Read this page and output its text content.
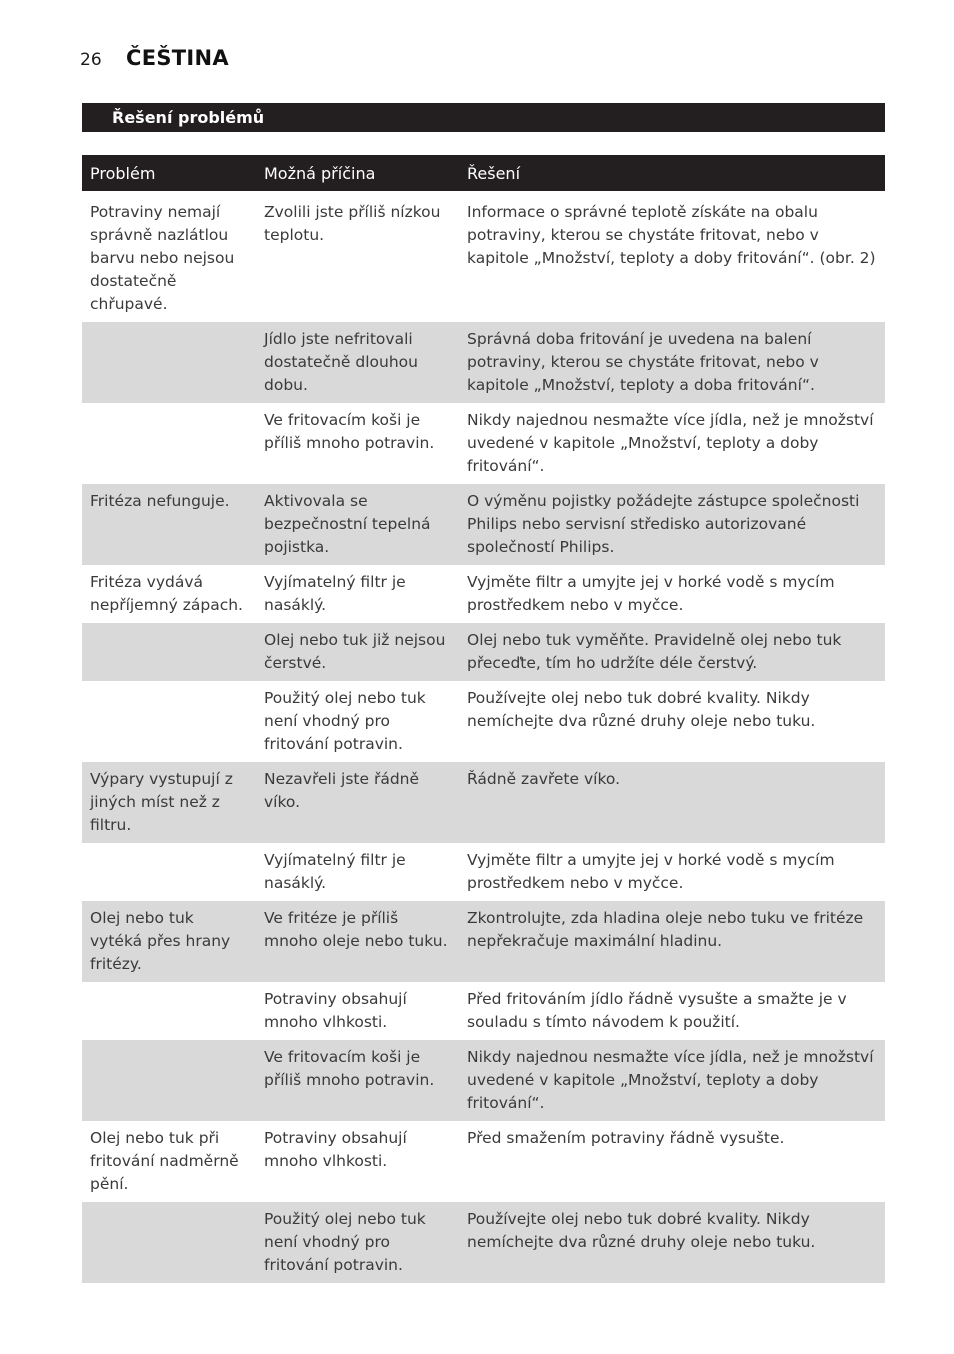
26 ČEŠTINA
Řešení problémů
Problém	Možná příčina	Řešení
Potraviny nemají správně nazlátlou barvu nebo nejsou dostatečně chřupavé.	Zvolili jste příliš nízkou teplotu.	Informace o správné teplotě získáte na obalu potraviny, kterou se chystáte fritovat, nebo v kapitole „Množství, teploty a doby fritování“. (obr. 2)
	Jídlo jste nefritovali dostatečně dlouhou dobu.	Správná doba fritování je uvedena na balení potraviny, kterou se chystáte fritovat, nebo v kapitole „Množství, teploty a doba fritování“.
	Ve fritovacím koši je příliš mnoho potravin.	Nikdy najednou nesmažte více jídla, než je množství uvedené v kapitole „Množství, teploty a doby fritování“.
Fritéza nefunguje.	Aktivovala se bezpečnostní tepelná pojistka.	O výměnu pojistky požádejte zástupce společnosti Philips nebo servisní středisko autorizované společností Philips.
Fritéza vydává nepříjemný zápach.	Vyjímatelný filtr je nasáklý.	Vyjměte filtr a umyjte jej v horké vodě s mycím prostředkem nebo v myčce.
	Olej nebo tuk již nejsou čerstvé.	Olej nebo tuk vyměňte. Pravidelně olej nebo tuk přeceďte, tím ho udržíte déle čerstvý.
	Použitý olej nebo tuk není vhodný pro fritování potravin.	Používejte olej nebo tuk dobré kvality. Nikdy nemíchejte dva různé druhy oleje nebo tuku.
Výpary vystupují z jiných míst než z filtru.	Nezavřeli jste řádně víko.	Řádně zavřete víko.
	Vyjímatelný filtr je nasáklý.	Vyjměte filtr a umyjte jej v horké vodě s mycím prostředkem nebo v myčce.
Olej nebo tuk vytéká přes hrany fritézy.	Ve fritéze je příliš mnoho oleje nebo tuku.	Zkontrolujte, zda hladina oleje nebo tuku ve fritéze nepřekračuje maximální hladinu.
	Potraviny obsahují mnoho vlhkosti.	Před fritováním jídlo řádně vysušte a smažte je v souladu s tímto návodem k použití.
	Ve fritovacím koši je příliš mnoho potravin.	Nikdy najednou nesmažte více jídla, než je množství uvedené v kapitole „Množství, teploty a doby fritování“.
Olej nebo tuk při fritování nadměrně pění.	Potraviny obsahují mnoho vlhkosti.	Před smažením potraviny řádně vysušte.
	Použitý olej nebo tuk není vhodný pro fritování potravin.	Používejte olej nebo tuk dobré kvality. Nikdy nemíchejte dva různé druhy oleje nebo tuku.
